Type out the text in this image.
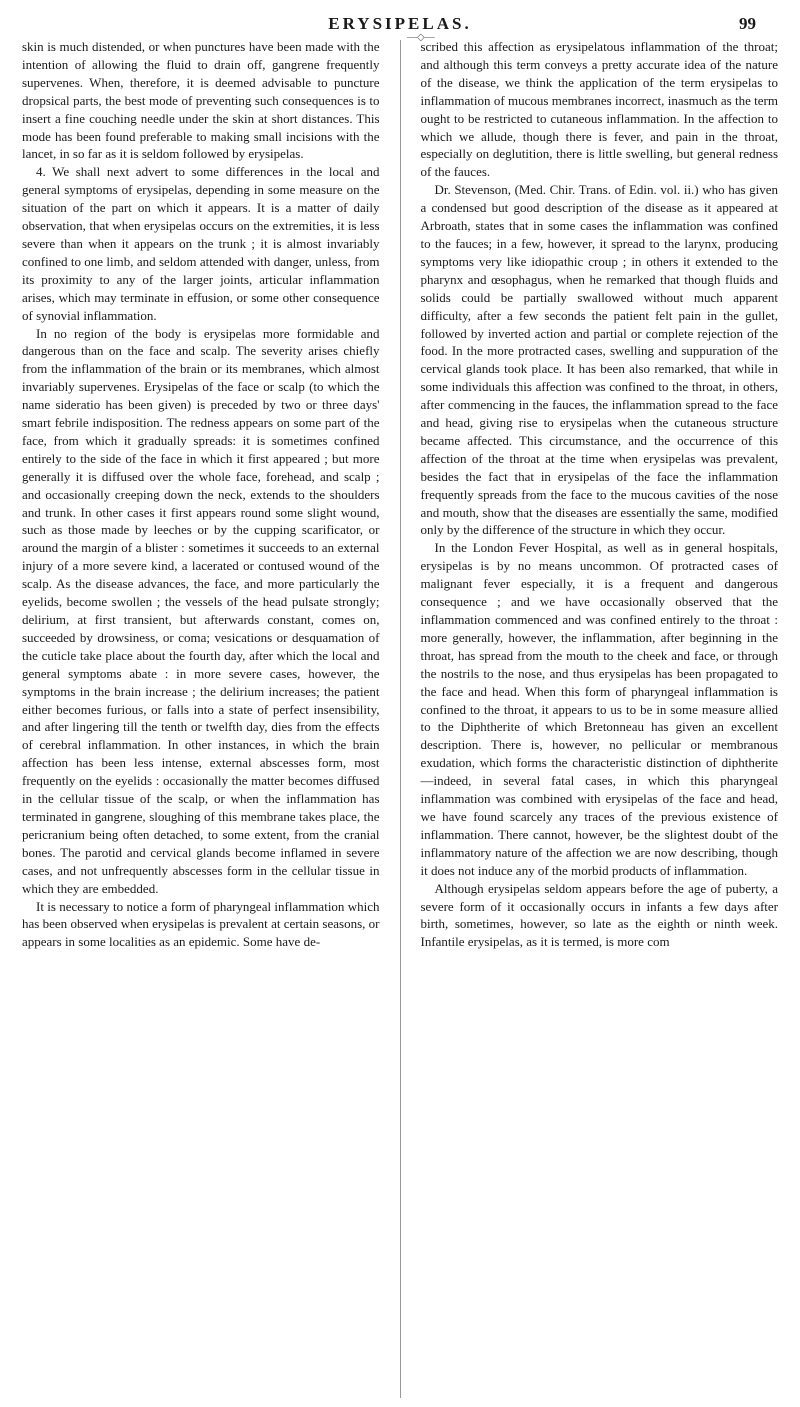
ERYSIPELAS.	99
—◇—

skin is much distended, or when punctures have been made with the intention of allowing the fluid to drain off, gangrene frequently supervenes. When, therefore, it is deemed advisable to puncture dropsical parts, the best mode of preventing such consequences is to insert a fine couching needle under the skin at short distances. This mode has been found preferable to making small incisions with the lancet, in so far as it is seldom followed by erysipelas.

4. We shall next advert to some differences in the local and general symptoms of erysipelas, depending in some measure on the situation of the part on which it appears. It is a matter of daily observation, that when erysipelas occurs on the extremities, it is less severe than when it appears on the trunk ; it is almost invariably confined to one limb, and seldom attended with danger, unless, from its proximity to any of the larger joints, articular inflammation arises, which may terminate in effusion, or some other consequence of synovial inflammation.

In no region of the body is erysipelas more formidable and dangerous than on the face and scalp. The severity arises chiefly from the inflammation of the brain or its membranes, which almost invariably supervenes. Erysipelas of the face or scalp (to which the name sideratio has been given) is preceded by two or three days' smart febrile indisposition. The redness appears on some part of the face, from which it gradually spreads: it is sometimes confined entirely to the side of the face in which it first appeared ; but more generally it is diffused over the whole face, forehead, and scalp ; and occasionally creeping down the neck, extends to the shoulders and trunk. In other cases it first appears round some slight wound, such as those made by leeches or by the cupping scarificator, or around the margin of a blister : sometimes it succeeds to an external injury of a more severe kind, a lacerated or contused wound of the scalp. As the disease advances, the face, and more particularly the eyelids, become swollen ; the vessels of the head pulsate strongly; delirium, at first transient, but afterwards constant, comes on, succeeded by drowsiness, or coma; vesications or desquamation of the cuticle take place about the fourth day, after which the local and general symptoms abate : in more severe cases, however, the symptoms in the brain increase ; the delirium increases; the patient either becomes furious, or falls into a state of perfect insensibility, and after lingering till the tenth or twelfth day, dies from the effects of cerebral inflammation. In other instances, in which the brain affection has been less intense, external abscesses form, most frequently on the eyelids : occasionally the matter becomes diffused in the cellular tissue of the scalp, or when the inflammation has terminated in gangrene, sloughing of this membrane takes place, the pericranium being often detached, to some extent, from the cranial bones. The parotid and cervical glands become inflamed in severe cases, and not unfrequently abscesses form in the cellular tissue in which they are embedded.

It is necessary to notice a form of pharyngeal inflammation which has been observed when erysipelas is prevalent at certain seasons, or appears in some localities as an epidemic. Some have de-

scribed this affection as erysipelatous inflammation of the throat; and although this term conveys a pretty accurate idea of the nature of the disease, we think the application of the term erysipelas to inflammation of mucous membranes incorrect, inasmuch as the term ought to be restricted to cutaneous inflammation. In the affection to which we allude, though there is fever, and pain in the throat, especially on deglutition, there is little swelling, but general redness of the fauces.

Dr. Stevenson, (Med. Chir. Trans. of Edin. vol. ii.) who has given a condensed but good description of the disease as it appeared at Arbroath, states that in some cases the inflammation was confined to the fauces; in a few, however, it spread to the larynx, producing symptoms very like idiopathic croup ; in others it extended to the pharynx and œsophagus, when he remarked that though fluids and solids could be partially swallowed without much apparent difficulty, after a few seconds the patient felt pain in the gullet, followed by inverted action and partial or complete rejection of the food. In the more protracted cases, swelling and suppuration of the cervical glands took place. It has been also remarked, that while in some individuals this affection was confined to the throat, in others, after commencing in the fauces, the inflammation spread to the face and head, giving rise to erysipelas when the cutaneous structure became affected. This circumstance, and the occurrence of this affection of the throat at the time when erysipelas was prevalent, besides the fact that in erysipelas of the face the inflammation frequently spreads from the face to the mucous cavities of the nose and mouth, show that the diseases are essentially the same, modified only by the difference of the structure in which they occur.

In the London Fever Hospital, as well as in general hospitals, erysipelas is by no means uncommon. Of protracted cases of malignant fever especially, it is a frequent and dangerous consequence ; and we have occasionally observed that the inflammation commenced and was confined entirely to the throat : more generally, however, the inflammation, after beginning in the throat, has spread from the mouth to the cheek and face, or through the nostrils to the nose, and thus erysipelas has been propagated to the face and head. When this form of pharyngeal inflammation is confined to the throat, it appears to us to be in some measure allied to the Diphtherite of which Bretonneau has given an excellent description. There is, however, no pellicular or membranous exudation, which forms the characteristic distinction of diphtherite—indeed, in several fatal cases, in which this pharyngeal inflammation was combined with erysipelas of the face and head, we have found scarcely any traces of the previous existence of inflammation. There cannot, however, be the slightest doubt of the inflammatory nature of the affection we are now describing, though it does not induce any of the morbid products of inflammation.

Although erysipelas seldom appears before the age of puberty, a severe form of it occasionally occurs in infants a few days after birth, sometimes, however, so late as the eighth or ninth week. Infantile erysipelas, as it is termed, is more com
